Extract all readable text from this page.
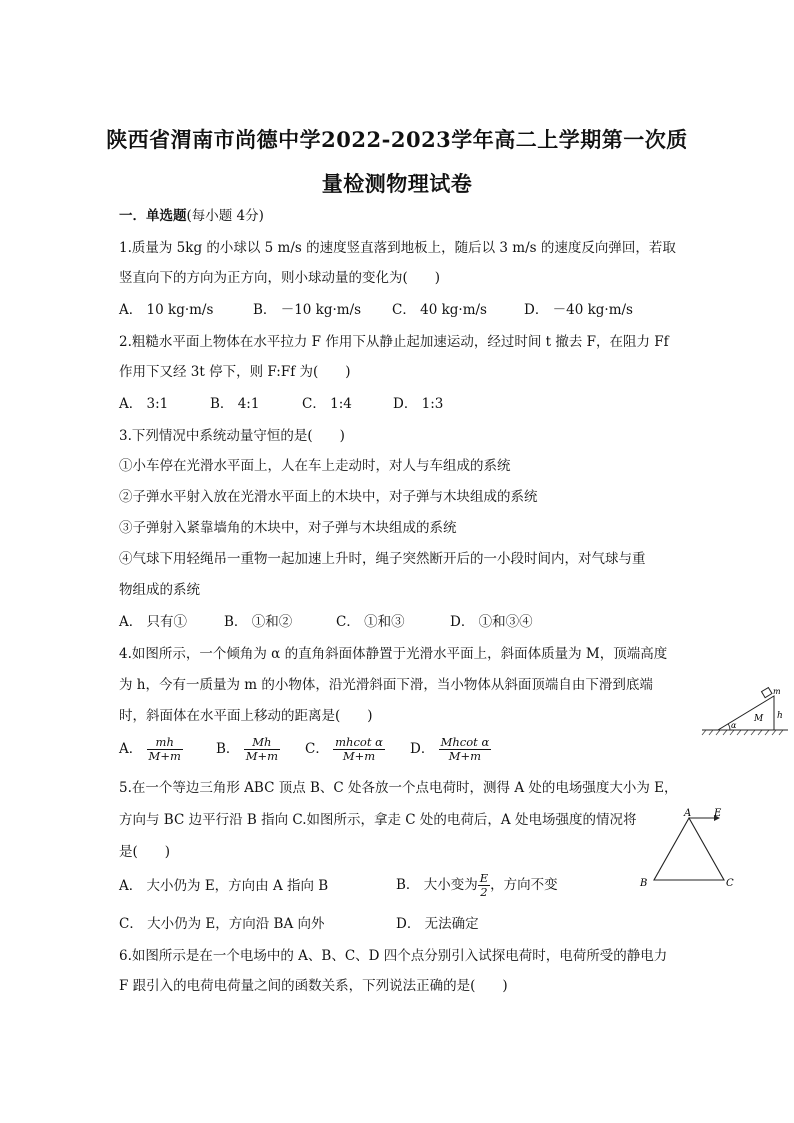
陕西省渭南市尚德中学2022-2023学年高二上学期第一次质
量检测物理试卷
一．单选题(每小题 4分)
1.质量为 5kg 的小球以 5 m/s 的速度竖直落到地板上，随后以 3 m/s 的速度反向弹回，若取
竖直向下的方向为正方向，则小球动量的变化为(　　)
A． 10 kg·m/s	B． －10 kg·m/s C． 40 kg·m/s	D． －40 kg·m/s
2.粗糙水平面上物体在水平拉力 F 作用下从静止起加速运动，经过时间 t 撤去 F，在阻力 Ff
作用下又经 3t 停下，则 F:Ff 为(　　)
A． 3:1	B． 4:1	C． 1:4	D． 1:3
3.下列情况中系统动量守恒的是(　　)
①小车停在光滑水平面上，人在车上走动时，对人与车组成的系统
②子弹水平射入放在光滑水平面上的木块中，对子弹与木块组成的系统
③子弹射入紧靠墙角的木块中，对子弹与木块组成的系统
④气球下用轻绳吊一重物一起加速上升时，绳子突然断开后的一小段时间内，对气球与重
物组成的系统
A． 只有①	B． ①和②	C． ①和③	D． ①和③④
4.如图所示，一个倾角为 α 的直角斜面体静置于光滑水平面上，斜面体质量为 M，顶端高度
为 h，今有一质量为 m 的小物体，沿光滑斜面下滑，当小物体从斜面顶端自由下滑到底端
时，斜面体在水平面上移动的距离是(　　)
A． $\frac{mh}{M+m}$ B． $\frac{Mh}{M+m}$ C． $\frac{\text{mhcot α}}{M+m}$ D． $\frac{\text{Mhcot α}}{M+m}$
α
M h
m
5.在一个等边三角形 ABC 顶点 B、C 处各放一个点电荷时，测得 A 处的电场强度大小为 E，
方向与 BC 边平行沿 B 指向 C.如图所示，拿走 C 处的电荷后，A 处电场强度的情况将
是(　　)
A． 大小仍为 E，方向由 A 指向 B	B． 大小变为 $\frac{E}{2}$ ，方向不变
C． 大小仍为 E，方向沿 BA 向外	D． 无法确定
A E
B	C
6.如图所示是在一个电场中的 A、B、C、D 四个点分别引入试探电荷时，电荷所受的静电力
F 跟引入的电荷电荷量之间的函数关系，下列说法正确的是(　　)
